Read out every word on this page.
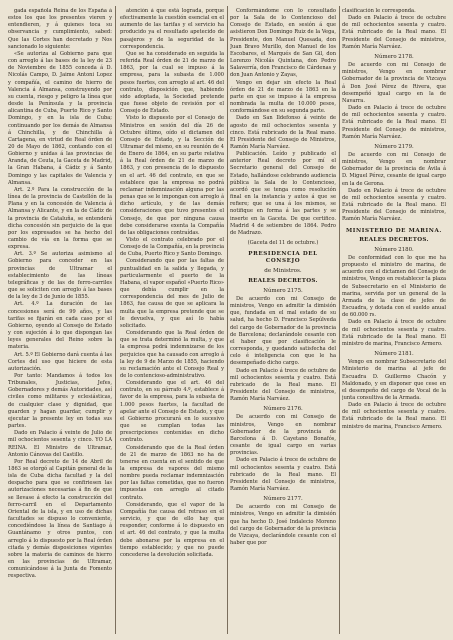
gada española Reina de los España á estos los que los presentes vieren y entendieren, y á quienes toca su observancia y cumplimiento, sabed: Que las Cortes han decretado y Nos sancionado lo siguiente:

«Se autoriza al Gobierno para que con arreglo á las bases de la ley de 23 de Noviembre de 1855 conceda á D. Nicolás Campo, D. Jaime Antoni Lopez y compañía, el camino de hierro de Valencia á Almansa, construyendo por su cuenta, riesgo y peligro la línea que desde la Península y la provincia alicantina de Cuba, Puerto Rico y Santo Domingo, y en la isla de Cuba; continuando por los demás de Almansa á Chinchilla, y de Chinchilla á Cartagena, en virtud de Real órden de 20 de Mayo de 1862, contando con el Gobierno y unidas á las provincias de Aranda, de Ceuta, la Gaceta de Madrid, la Gran Habana, á Cádiz y á Santo Domingo y las capitales de Valencia y Almansa.

Art. 2.º Para la construcción de la línea de la provincia de Castellón de la Plana y en la concesión de Valencia á Almansa y Alicante, y en la de Cádiz de la provincia de Cataluña, se entenderá dicha concesión sin perjuicio de la que por los expresados se ha hecho del cambio de vía en la forma que se expresa.

Art. 3.º Se autoriza asimismo al Gobierno para conceder en las provincias de Ultramar el establecimiento de las líneas telegráficas y de las de ferro-carriles que se soliciten con arreglo á las bases de la ley de 3 de Junio de 1855.

Art. 4.º La duración de las concesiones será de 99 años, y las tarifas se fijarán en cada caso por el Gobierno, oyendo al Consejo de Estado y con sujeción á lo que dispongan las leyes generales del Reino sobre la materia.

Art. 5.º El Gobierno dará cuenta á las Cortes del uso que hiciere de esta autorización.

Por tanto: Mandamos á todos los Tribunales, Justicias, Jefes, Gobernadores y demás Autoridades, así civiles como militares y eclesiásticas, de cualquier clase y dignidad, que guarden y hagan guardar, cumplir y ejecutar la presente ley en todas sus partes.

Dado en Palacio á veinte de Julio de mil ochocientos sesenta y cinco. YO LA REINA. El Ministro de Ultramar, Antonio Cánovas del Castillo.

Por Real decreto de 14 de Abril de 1863 se otorgó al Capitán general de la isla de Cuba dicha facultad y la del despacho para que se confiriesen las autorizaciones necesarias á fin de que se llevase á efecto la construcción del ferro-carril en el Departamento Oriental de la isla, y en uso de dichas facultades se dispuso lo conveniente, concediéndose la línea de Santiago á Guantánamo y otros puntos, con arreglo á lo dispuesto por la Real órden citada y demás disposiciones vigentes sobre la materia de caminos de hierro en las provincias de Ultramar, comunicándose á la Junta de Fomento respectiva.

atención á que está lograda, porque efectivamente la cuestión esencial en el aumento de las tarifas y el servicio ha producido ya el resultado apetecido de pasajeros y de la seguridad de la correspondencia.

Que se ha considerado en seguida la referida Real órden de 21 de marzo de 1863, por la cual se impuso á la empresa, para la subasta de 1.000 pesos fuertes, con arreglo al art. 46 del contrato, disposición que, habiendo sido adoptada, la Sociedad pretende que fuese objeto de revisión por el Consejo de Estado.

Visto lo dispuesto por el Consejo de Ministros en sesión del día 26 de Octubre último, oído el dictamen del Consejo de Estado, y la Sección de Ultramar del mismo, en su reunión de 4 de Enero de 1864, en su parte relativa á la Real órden de 21 de marzo de 1863, y con presencia de lo dispuesto en el art. 46 del contrato, en que se establece que la empresa no podrá reclamar indemnización alguna por las penas que se le impongan con arreglo á dicho artículo, y de las demás consideraciones que tuvo presentes el Consejo, de que por ninguna causa debe considerarse exenta la Compañía de las obligaciones contraídas.

Visto el contrato celebrado por el Consejo de la Compañía, en la provincia de Cuba, Puerto Rico y Santo Domingo.

Considerando que por las faltas de puntualidad en la salida y llegada, y particularmente el puerto de la Habana, el vapor español «Puerto Rico» que debía cumplir en la correspondencia del mes de Julio de 1863, fue causa de que se aplicara la multa que la empresa pretende que se le devuelva, y que así lo había solicitado.

Considerando que la Real órden de que se trata determinó la multa, y que la empresa podrá indemnizarse de los perjuicios que ha causado con arreglo á la ley de 9 de Marzo de 1855, haciendo su reclamación ante el Consejo Real y de lo contencioso-administrativo.

Considerando que el art. 46 del contrato, en su párrafo 4.º, establece á favor de la empresa, para la subasta de 1.000 pesos fuertes, la facultad de apelar ante el Consejo de Estado, y que el Gobierno procurará en lo sucesivo que se cumplan todas las prescripciones contenidas en dicho contrato.

Considerando que de la Real órden de 21 de marzo de 1863 no ha de tenerse en cuenta en el sentido de que la empresa de vapores del mismo nombre pueda reclamar indemnización por las faltas cometidas, que no fueron impuestas con arreglo al citado contrato.

Considerando, que el vapor de la Compañía fue causa del retraso en el servicio, y que de ello hay que responder, conforme á lo dispuesto en el art. 46 del contrato, y que la multa debe abonarse por la empresa en el tiempo establecido; y que no puede concederse la devolución solicitada.

Conformándome con lo consultado por la Sala de lo Contencioso del Consejo de Estado, en sesión á que asistieron Don Domingo Ruiz de la Vega, Presidente, don Manuel Quesada, don Juan Bravo Murillo, don Manuel de los Escobares, el Marqués de San Gil, don Lorenzo Nicolás Quintana, don Pedro Salaverría, don Francisco de Cárdenas y don Juan Antonio y Zayas,

Vengo en dejar sin efecto la Real órden de 21 de marzo de 1863 en la parte en que se impuso á la empresa nombrada la multa de 10.000 pesos, conformándose en su segunda parte.

Dado en San Ildefonso á veinte de agosto de mil ochocientos sesenta y cinco. Está rubricado de la Real mano. El Presidente del Consejo de Ministros, Ramón María Narváez.

Publicación. Leído y publicado el anterior Real decreto por mí el Secretario general del Consejo de Estado, hallándose celebrando audiencia pública la Sala de lo Contencioso, acordó que se tenga como resolución final en la instancia y autos á que se refiere; que se una á los mismos, se notifique en forma á las partes y se inserte en la Gaceta. De que certifico. Madrid 4 de setiembre de 1864. Pedro de Madrazo.

(Gaceta del 11 de octubre.)

PRESIDENCIA DEL CONSEJO

de Ministros.

REALES DECRETOS.

Número 2175.

De acuerdo con mi Consejo de ministros, Vengo en admitir la dimisión que, fundada en el mal estado de su salud, ha hecho D. Francisco Sepúlveda del cargo de Gobernador de la provincia de Barcelona; declarándole cesante con el haber que por clasificación le corresponda, y quedando satisfecha del celo é inteligencia con que le ha desempeñado dicho cargo.

Dado en Palacio á trece de octubre de mil ochocientos sesenta y cuatro. Está rubricado de la Real mano. El Presidente del Consejo de ministros, Ramón María Narváez.

Número 2176.

De acuerdo con mi Consejo de ministros, Vengo en nombrar Gobernador de la provincia de Barcelona á D. Cayetano Bonafós, cesante de igual cargo en varias provincias.

Dado en Palacio á trece de octubre de mil ochocientos sesenta y cuatro. Está rubricado de la Real mano. El Presidente del Consejo de ministros, Ramón María Narváez.

Número 2177.

De acuerdo con mi Consejo de ministros, Vengo en admitir la dimisión que ha hecho D. José Indalecio Moreno del cargo de Gobernador de la provincia de Vizcaya, declarándole cesante con el haber que por

clasificación le corresponda.

Dado en Palacio á trece de octubre de mil ochocientos sesenta y cuatro. Está rubricado de la Real mano. El Presidente del Consejo de ministros, Ramón María Narváez.

Número 2178.

De acuerdo con mi Consejo de ministros, Vengo en nombrar Gobernador de la provincia de Vizcaya á Don José Pérez de Rivera, que desempeñó igual cargo en la de Navarra.

Dado en Palacio á trece de octubre de mil ochocientos sesenta y cuatro. Está rubricado de la Real mano. El Presidente del Consejo de ministros, Ramón María Narváez.

Número 2179.

De acuerdo con mi Consejo de ministros, Vengo en nombrar Gobernador de la provincia de Ávila á D. Miguel Pérez, cesante de igual cargo en la de Gerona.

Dado en Palacio á trece de octubre de mil ochocientos sesenta y cuatro. Está rubricado de la Real mano. El Presidente del Consejo de ministros, Ramón María Narváez.

MINISTERIO DE MARINA.

REALES DECRETOS.

Número 2180.

De conformidad con lo que me ha propuesto el ministro de marina, de acuerdo con el dictamen del Consejo de ministros, Vengo en restablecer la plaza de Subsecretario en el Ministerio de marina, servida por un general de la Armada de la clase de jefes de Escuadra, y dotada con el sueldo anual de 60.000 rs.

Dado en Palacio á trece de octubre de mil ochocientos sesenta y cuatro. Está rubricado de la Real mano. El ministro de marina, Francisco Armero.

Número 2181.

Vengo en nombrar Subsecretario del Ministerio de marina al jefe de Escuadra D. Guillermo Chacón y Maldonado, y en disponer que cese en el desempeño del cargo de Vocal de la junta consultiva de la Armada.

Dado en Palacio á trece de octubre de mil ochocientos sesenta y cuatro. Está rubricado de la Real mano. El ministro de marina, Francisco Armero.
